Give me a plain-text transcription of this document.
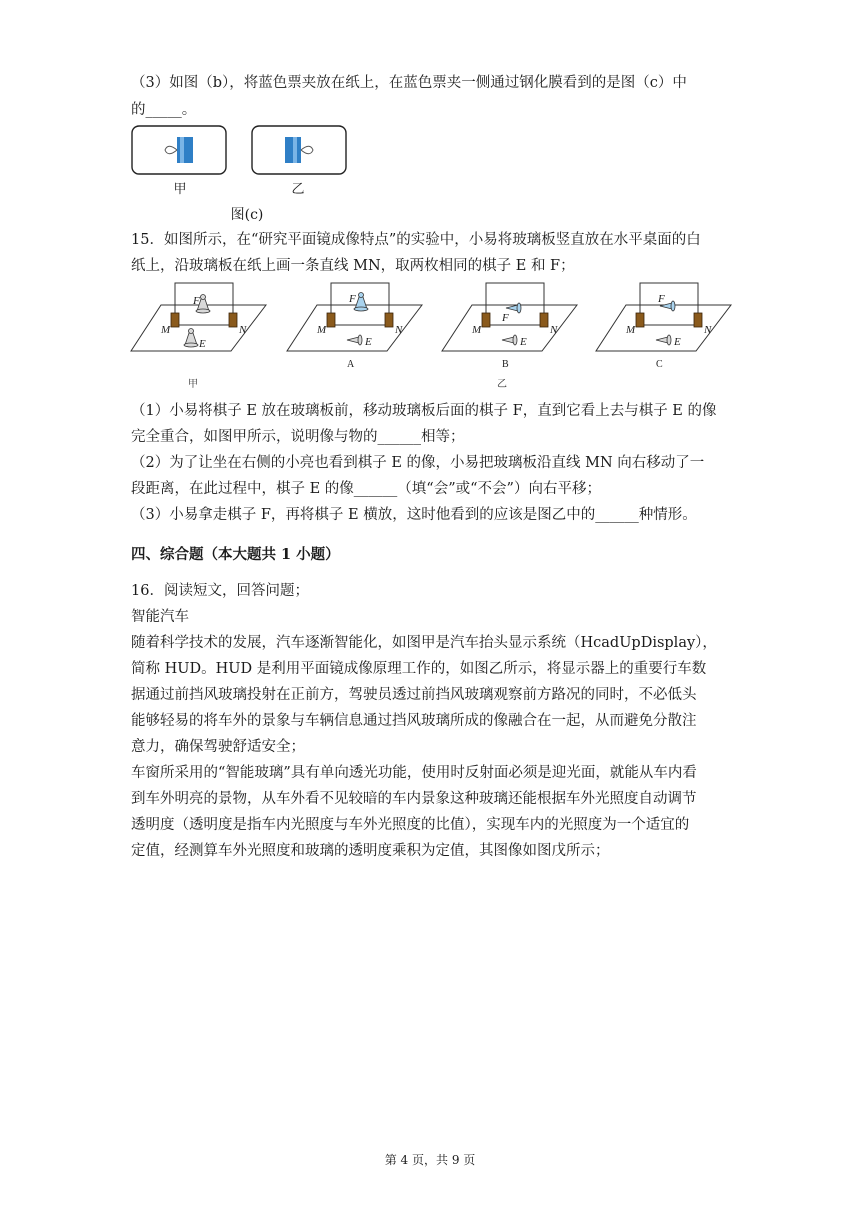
（3）如图（b），将蓝色票夹放在纸上，在蓝色票夹一侧通过钢化膜看到的是图（c）中
的_____。
甲	乙
图(c)
15．如图所示，在“研究平面镜成像特点”的实验中，小易将玻璃板竖直放在水平桌面的白
纸上，沿玻璃板在纸上画一条直线 MN，取两枚相同的棋子 E 和 F；
M	N
F
E
M	N
E
F
A
M	N
E
F
B
M	N
E
F
C
甲	乙
（1）小易将棋子 E 放在玻璃板前，移动玻璃板后面的棋子 F，直到它看上去与棋子 E 的像
完全重合，如图甲所示，说明像与物的______相等；
（2）为了让坐在右侧的小亮也看到棋子 E 的像，小易把玻璃板沿直线 MN 向右移动了一
段距离，在此过程中，棋子 E 的像______（填“会”或“不会”）向右平移；
（3）小易拿走棋子 F，再将棋子 E 横放，这时他看到的应该是图乙中的______种情形。
四、综合题（本大题共 1 小题）
16．阅读短文，回答问题；
智能汽车
随着科学技术的发展，汽车逐渐智能化，如图甲是汽车抬头显示系统（HcadUpDisplay），
简称 HUD。HUD 是利用平面镜成像原理工作的，如图乙所示，将显示器上的重要行车数
据通过前挡风玻璃投射在正前方，驾驶员透过前挡风玻璃观察前方路况的同时，不必低头
能够轻易的将车外的景象与车辆信息通过挡风玻璃所成的像融合在一起，从而避免分散注
意力，确保驾驶舒适安全；
车窗所采用的“智能玻璃”具有单向透光功能，使用时反射面必须是迎光面，就能从车内看
到车外明亮的景物，从车外看不见较暗的车内景象这种玻璃还能根据车外光照度自动调节
透明度（透明度是指车内光照度与车外光照度的比值），实现车内的光照度为一个适宜的
定值，经测算车外光照度和玻璃的透明度乘积为定值，其图像如图戊所示；
第 4 页，共 9 页
